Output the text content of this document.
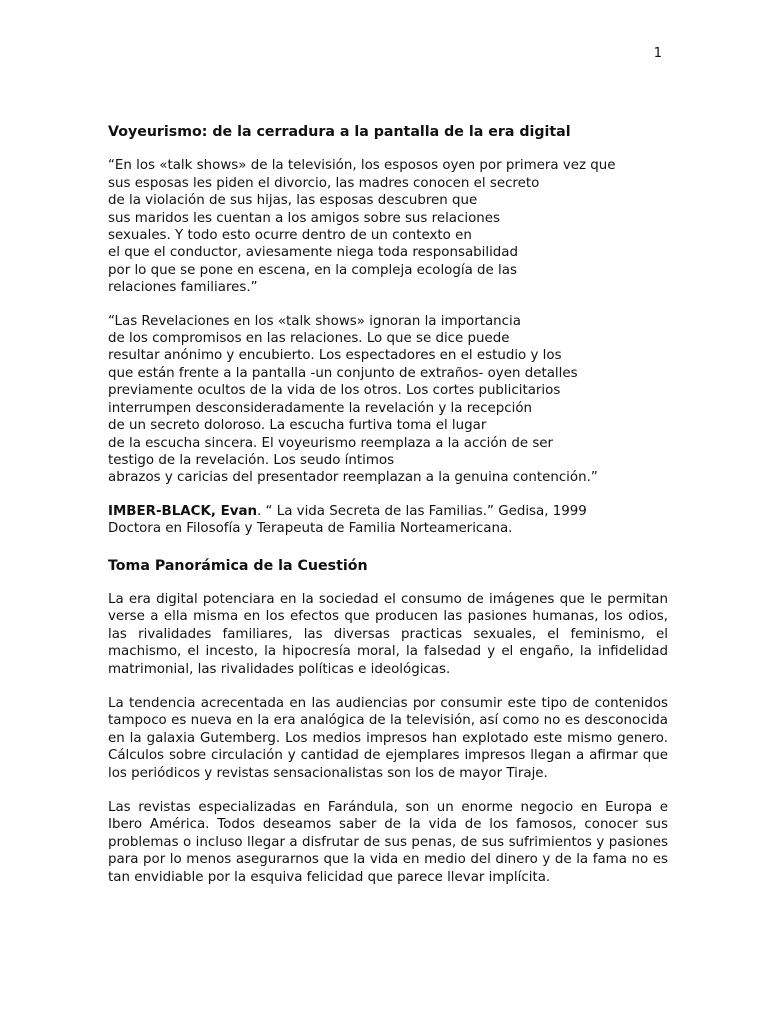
1
Voyeurismo: de la cerradura a la pantalla de la era digital
“En los «talk shows» de la televisión, los esposos oyen por primera vez que
sus esposas les piden el divorcio, las madres conocen el secreto
de la violación de sus hijas, las esposas descubren que
sus maridos les cuentan a los amigos sobre sus relaciones
sexuales. Y todo esto ocurre dentro de un contexto en
el que el conductor, aviesamente niega toda responsabilidad
por lo que se pone en escena, en la compleja ecología de las
relaciones familiares.”
“Las Revelaciones en los «talk shows» ignoran la importancia
de los compromisos en las relaciones. Lo que se dice puede
resultar anónimo y encubierto. Los espectadores en el estudio y los
que están frente a la pantalla -un conjunto de extraños- oyen detalles
previamente ocultos de la vida de los otros. Los cortes publicitarios
interrumpen desconsideradamente la revelación y la recepción
de un secreto doloroso. La escucha furtiva toma el lugar
de la escucha sincera. El voyeurismo reemplaza a la acción de ser
testigo de la revelación. Los seudo íntimos
abrazos y caricias del presentador reemplazan a la genuina contención.”
IMBER-BLACK, Evan. “ La vida Secreta de las Familias.” Gedisa, 1999
Doctora en Filosofía y Terapeuta de Familia Norteamericana.
Toma Panorámica de la Cuestión

La era digital potenciara en la sociedad el consumo de imágenes que le permitan verse a ella misma en los efectos que producen las pasiones humanas, los odios, las rivalidades familiares, las diversas practicas sexuales, el feminismo, el machismo, el incesto, la hipocresía moral, la falsedad y el engaño, la infidelidad matrimonial, las rivalidades políticas e ideológicas.

La tendencia acrecentada en las audiencias por consumir este tipo de contenidos tampoco es nueva en la era analógica de la televisión, así como no es desconocida en la galaxia Gutemberg. Los medios impresos han explotado este mismo genero. Cálculos sobre circulación y cantidad de ejemplares impresos llegan a afirmar que los periódicos y revistas sensacionalistas son los de mayor Tiraje.

Las revistas especializadas en Farándula, son un enorme negocio en Europa e Ibero América. Todos deseamos saber de la vida de los famosos, conocer sus problemas o incluso llegar a disfrutar de sus penas, de sus sufrimientos y pasiones para por lo menos asegurarnos que la vida en medio del dinero y de la fama no es tan envidiable por la esquiva felicidad que parece llevar implícita.
